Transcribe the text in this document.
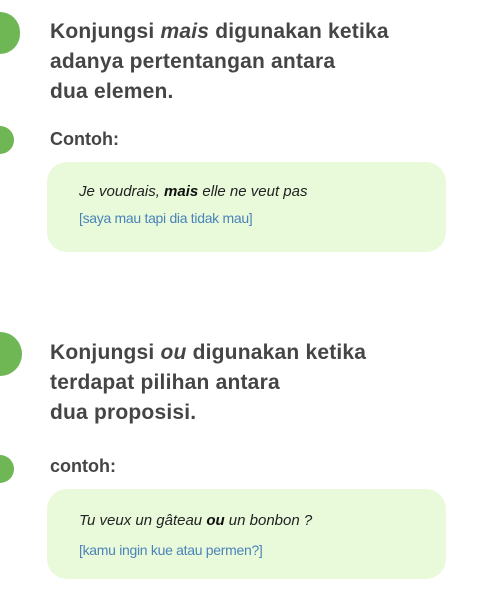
Konjungsi mais digunakan ketika
adanya pertentangan antara
dua elemen.
Contoh:
Je voudrais, mais elle ne veut pas
[saya mau tapi dia tidak mau]
Konjungsi ou digunakan ketika
terdapat pilihan antara
dua proposisi.
contoh:
Tu veux un gâteau ou un bonbon ?
[kamu ingin kue atau permen?]
